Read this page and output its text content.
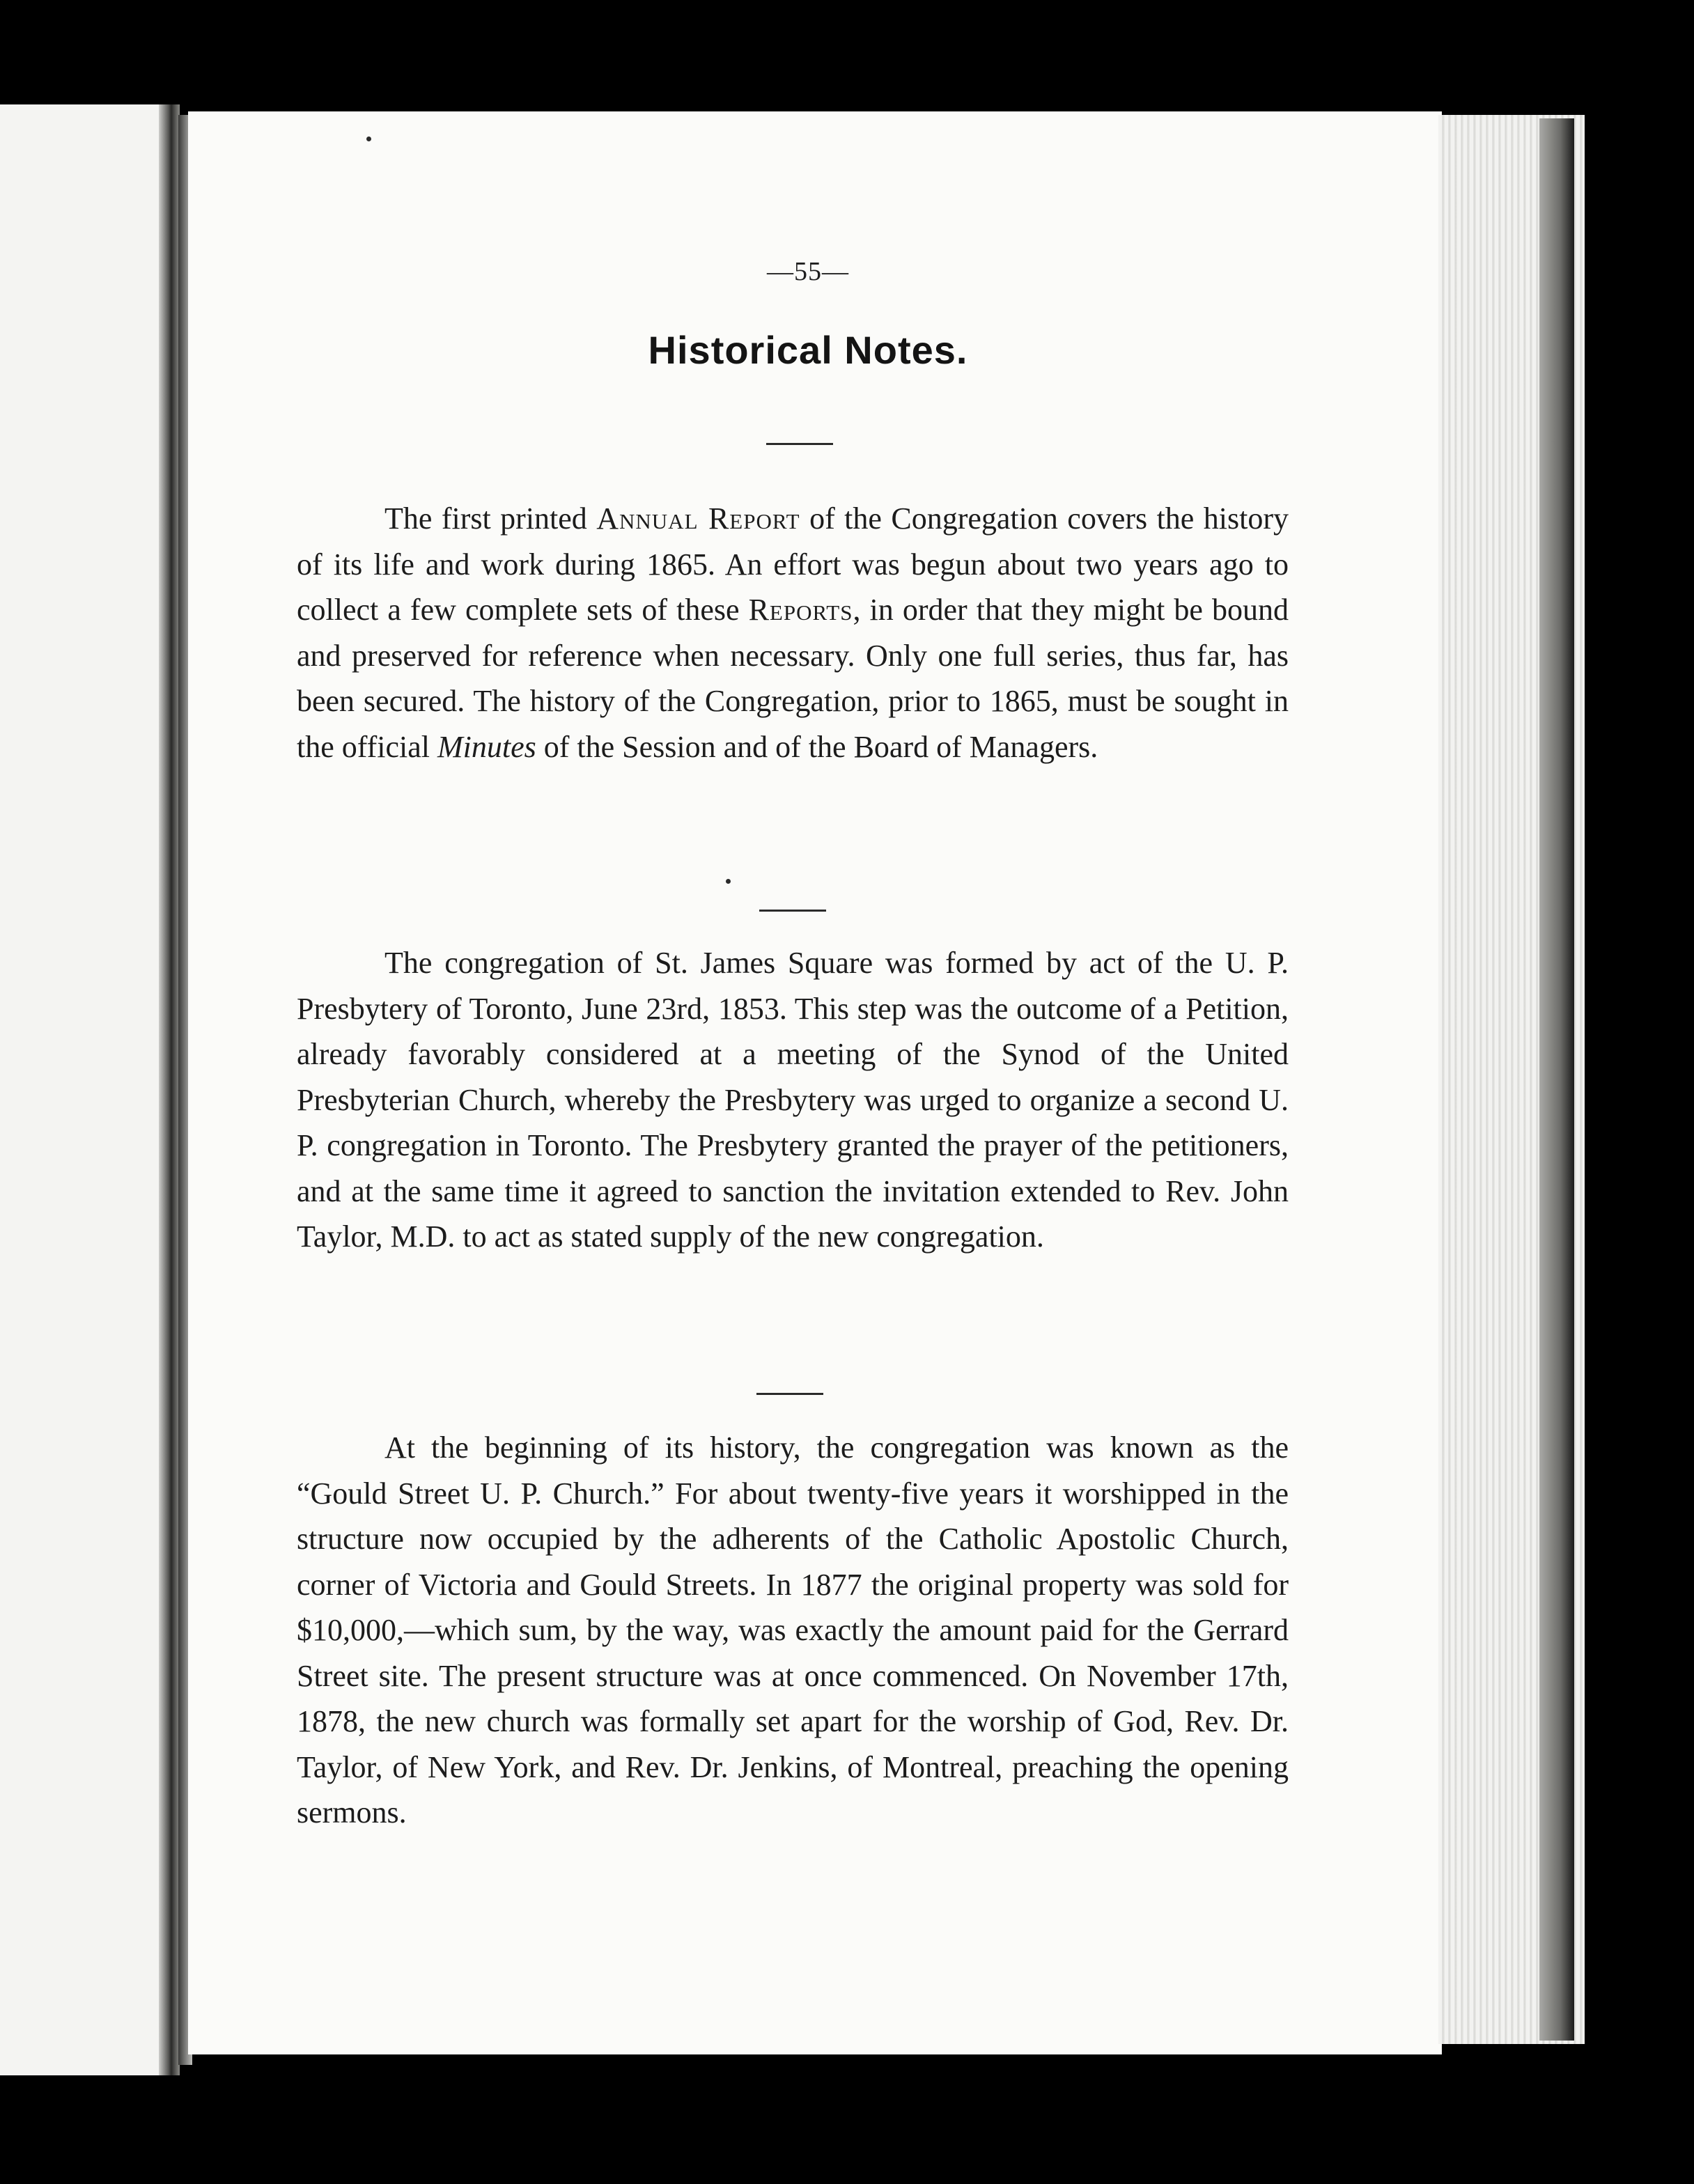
—55—
Historical Notes.

The first printed Annual Report of the Congregation covers the history of its life and work during 1865. An effort was begun about two years ago to collect a few complete sets of these Reports, in order that they might be bound and preserved for reference when necessary. Only one full series, thus far, has been secured. The history of the Congregation, prior to 1865, must be sought in the official Minutes of the Session and of the Board of Managers.

The congregation of St. James Square was formed by act of the U. P. Presbytery of Toronto, June 23rd, 1853. This step was the outcome of a Petition, already favorably considered at a meeting of the Synod of the United Presbyterian Church, whereby the Presbytery was urged to organize a second U. P. congregation in Toronto. The Presbytery granted the prayer of the petitioners, and at the same time it agreed to sanction the invitation extended to Rev. John Taylor, M.D. to act as stated supply of the new congregation.

At the beginning of its history, the congregation was known as the “Gould Street U. P. Church.” For about twenty-five years it worshipped in the structure now occupied by the adherents of the Catholic Apostolic Church, corner of Victoria and Gould Streets. In 1877 the original property was sold for $10,000,—which sum, by the way, was exactly the amount paid for the Gerrard Street site. The present structure was at once commenced. On November 17th, 1878, the new church was formally set apart for the worship of God, Rev. Dr. Taylor, of New York, and Rev. Dr. Jenkins, of Montreal, preaching the opening sermons.
